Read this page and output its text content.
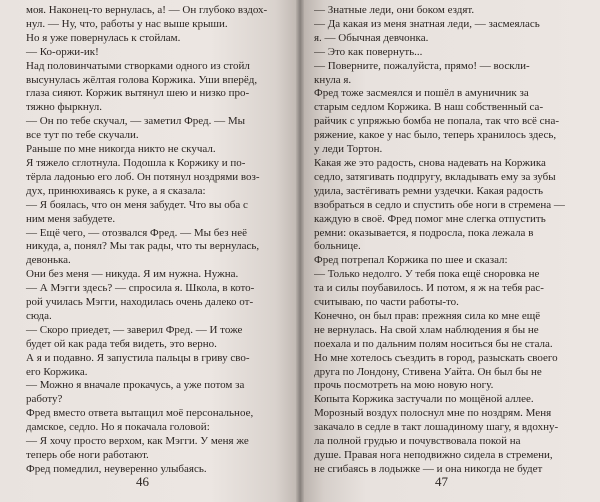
моя. Наконец-то вернулась, а! — Он глубоко вздох-

нул. — Ну, что, работы у нас выше крыши.

Но я уже повернулась к стойлам.

— Ко-оржи-ик!

Над половинчатыми створками одного из стойл

высунулась жёлтая голова Коржика. Уши вперёд,

глаза сияют. Коржик вытянул шею и низко про-

тяжно фыркнул.

— Он по тебе скучал, — заметил Фред. — Мы

все тут по тебе скучали.

Раньше по мне никогда никто не скучал.

Я тяжело сглотнула. Подошла к Коржику и по-

тёрла ладонью его лоб. Он потянул ноздрями воз-

дух, принюхиваясь к руке, а я сказала:

— Я боялась, что он меня забудет. Что вы оба с

ним меня забудете.

— Ещё чего, — отозвался Фред. — Мы без неё

никуда, а, понял? Мы так рады, что ты вернулась,

девонька.

Они без меня — никуда. Я им нужна. Нужна.

— А Мэгги здесь? — спросила я. Школа, в кото-

рой училась Мэгги, находилась очень далеко от-

сюда.

— Скоро приедет, — заверил Фред. — И тоже

будет ой как рада тебя видеть, это верно.

А я и подавно. Я запустила пальцы в гриву сво-

его Коржика.

— Можно я вначале прокачусь, а уже потом за

работу?

Фред вместо ответа вытащил моё персональное,

дамское, седло. Но я покачала головой:

— Я хочу просто верхом, как Мэгги. У меня же

теперь обе ноги работают.

Фред помедлил, неуверенно улыбаясь.

46

— Знатные леди, они боком ездят.

— Да какая из меня знатная леди, — засмеялась

я. — Обычная девчонка.

— Это как повернуть...

— Поверните, пожалуйста, прямо! — воскли-

кнула я.

Фред тоже засмеялся и пошёл в амуничник за

старым седлом Коржика. В наш собственный са-

райчик с упряжью бомба не попала, так что всё сна-

ряжение, какое у нас было, теперь хранилось здесь,

у леди Тортон.

Какая же это радость, снова надевать на Коржика

седло, затягивать подпругу, вкладывать ему за зубы

удила, застёгивать ремни уздечки. Какая радость

взобраться в седло и спустить обе ноги в стремена —

каждую в своё. Фред помог мне слегка отпустить

ремни: оказывается, я подросла, пока лежала в

больнице.

Фред потрепал Коржика по шее и сказал:

— Только недолго. У тебя пока ещё сноровка не

та и силы поубавилось. И потом, я ж на тебя рас-

считываю, по части работы-то.

Конечно, он был прав: прежняя сила ко мне ещё

не вернулась. На свой хлам наблюдения я бы не

поехала и по дальним полям носиться бы не стала.

Но мне хотелось съездить в город, разыскать своего

друга по Лондону, Стивена Уайта. Он был бы не

прочь посмотреть на мою новую ногу.

Копыта Коржика застучали по мощёной аллее.

Морозный воздух полоснул мне по ноздрям. Меня

закачало в седле в такт лошадиному шагу, я вдохну-

ла полной грудью и почувствовала покой на

душе. Правая нога неподвижно сидела в стремени,

не сгибаясь в лодыжке — и она никогда не будет

47
